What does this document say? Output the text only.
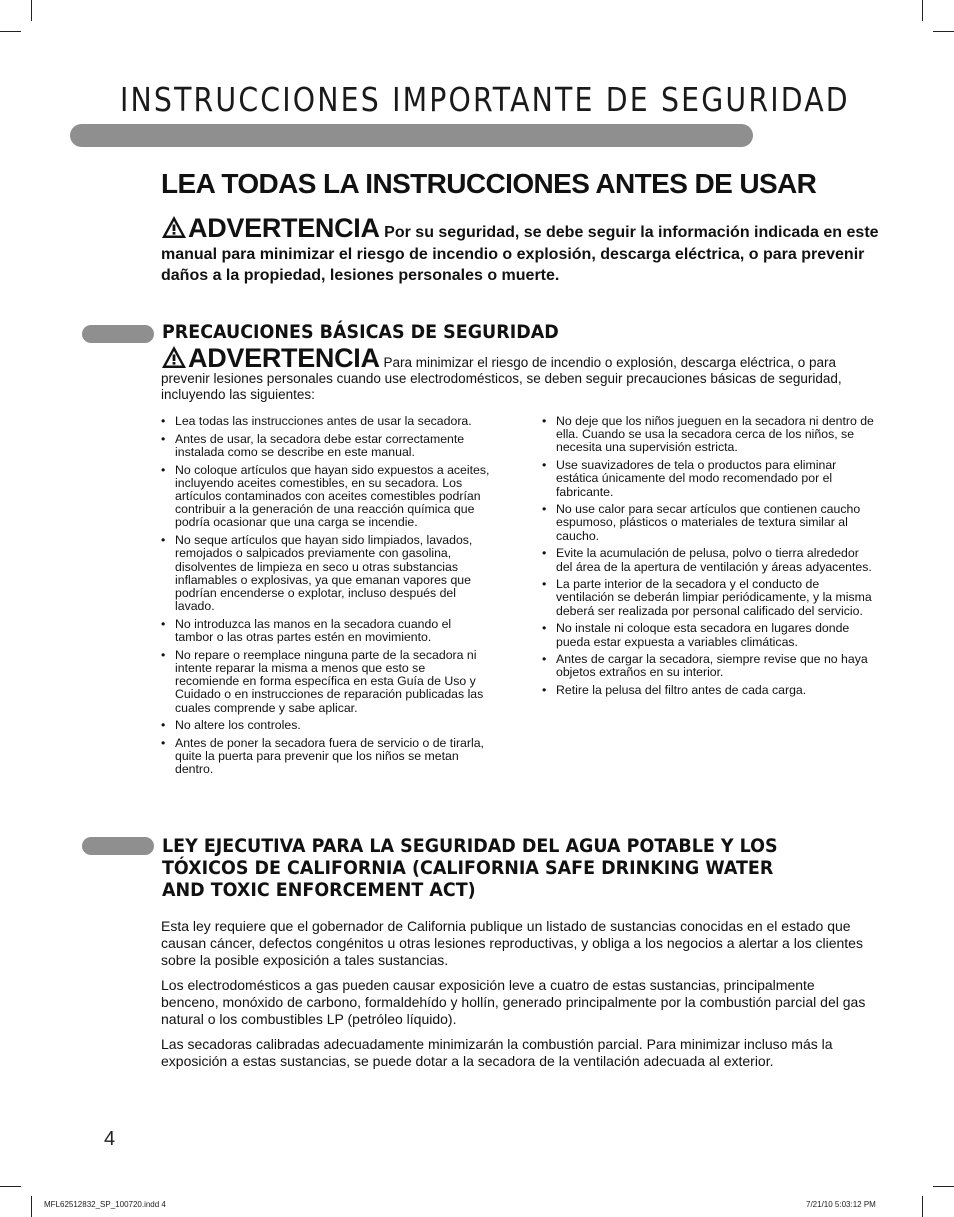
INSTRUCCIONES IMPORTANTE DE SEGURIDAD
LEA TODAS LA INSTRUCCIONES ANTES DE USAR
ADVERTENCIA Por su seguridad, se debe seguir la información indicada en este manual para minimizar el riesgo de incendio o explosión, descarga eléctrica, o para prevenir daños a la propiedad, lesiones personales o muerte.
PRECAUCIONES BÁSICAS DE SEGURIDAD
ADVERTENCIA Para minimizar el riesgo de incendio o explosión, descarga eléctrica, o para prevenir lesiones personales cuando use electrodomésticos, se deben seguir precauciones básicas de seguridad, incluyendo las siguientes:
• Lea todas las instrucciones antes de usar la secadora.
• Antes de usar, la secadora debe estar correctamente instalada como se describe en este manual.
• No coloque artículos que hayan sido expuestos a aceites, incluyendo aceites comestibles, en su secadora. Los artículos contaminados con aceites comestibles podrían contribuir a la generación de una reacción química que podría ocasionar que una carga se incendie.
• No seque artículos que hayan sido limpiados, lavados, remojados o salpicados previamente con gasolina, disolventes de limpieza en seco u otras substancias inflamables o explosivas, ya que emanan vapores que podrían encenderse o explotar, incluso después del lavado.
• No introduzca las manos en la secadora cuando el tambor o las otras partes estén en movimiento.
• No repare o reemplace ninguna parte de la secadora ni intente reparar la misma a menos que esto se recomiende en forma específica en esta Guía de Uso y Cuidado o en instrucciones de reparación publicadas las cuales comprende y sabe aplicar.
• No altere los controles.
• Antes de poner la secadora fuera de servicio o de tirarla, quite la puerta para prevenir que los niños se metan dentro.
• No deje que los niños jueguen en la secadora ni dentro de ella. Cuando se usa la secadora cerca de los niños, se necesita una supervisión estricta.
• Use suavizadores de tela o productos para eliminar estática únicamente del modo recomendado por el fabricante.
• No use calor para secar artículos que contienen caucho espumoso, plásticos o materiales de textura similar al caucho.
• Evite la acumulación de pelusa, polvo o tierra alrededor del área de la apertura de ventilación y áreas adyacentes.
• La parte interior de la secadora y el conducto de ventilación se deberán limpiar periódicamente, y la misma deberá ser realizada por personal calificado del servicio.
• No instale ni coloque esta secadora en lugares donde pueda estar expuesta a variables climáticas.
• Antes de cargar la secadora, siempre revise que no haya objetos extraños en su interior.
• Retire la pelusa del filtro antes de cada carga.
LEY EJECUTIVA PARA LA SEGURIDAD DEL AGUA POTABLE Y LOS TÓXICOS DE CALIFORNIA (CALIFORNIA SAFE DRINKING WATER AND TOXIC ENFORCEMENT ACT)

Esta ley requiere que el gobernador de California publique un listado de sustancias conocidas en el estado que causan cáncer, defectos congénitos u otras lesiones reproductivas, y obliga a los negocios a alertar a los clientes sobre la posible exposición a tales sustancias.

Los electrodomésticos a gas pueden causar exposición leve a cuatro de estas sustancias, principalmente benceno, monóxido de carbono, formaldehído y hollín, generado principalmente por la combustión parcial del gas natural o los combustibles LP (petróleo líquido).

Las secadoras calibradas adecuadamente minimizarán la combustión parcial. Para minimizar incluso más la exposición a estas sustancias, se puede dotar a la secadora de la ventilación adecuada al exterior.

4
MFL62512832_SP_100720.indd 4	7/21/10 5:03:12 PM
